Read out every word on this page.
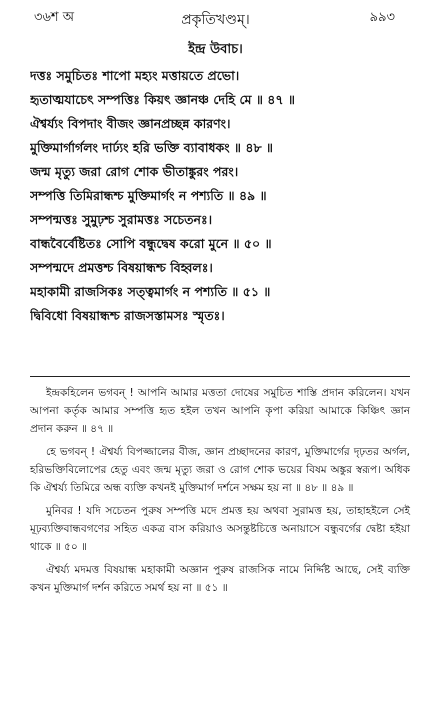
৩৬শ অ	প্রকৃতিখণ্ডম্।	৯৯৩
ইন্দ্র উবাচ।
দত্তঃ সমুচিতঃ শাপো মহ্যং মত্তায়তে প্রভো।
হৃতাত্মযাচেৎ সম্পত্তিঃ কিয়ৎ জ্ঞানঞ্চ দেহি মে ॥ ৪৭ ॥
ঐশ্বর্য্যং বিপদাং বীজং জ্ঞানপ্রচ্ছন্ন কারণং।
মুক্তিমার্গার্গলং দার্ঢ্যং হরি ভক্তি ব্যাবাধকং ॥ ৪৮ ॥
জন্ম মৃত্যু জরা রোগ শোক ভীতাঙ্কুরং পরং।
সম্পত্তি তিমিরান্ধশ্চ মুক্তিমার্গং ন পশ্যতি ॥ ৪৯ ॥
সম্পন্মত্তঃ সুমুঢ়শ্চ সুরামত্তঃ সচেতনঃ।
বান্ধবৈর্বেষ্টিতঃ সোপি বন্ধুদ্বেষ করো মুনে ॥ ৫০ ॥
সম্পন্মদে প্রমত্তশ্চ বিষয়ান্ধশ্চ বিহ্বলঃ।
মহাকামী রাজসিকঃ সত্ত্বমার্গং ন পশ্যতি ॥ ৫১ ॥
দ্বিবিধো বিষয়ান্ধশ্চ রাজসস্তামসঃ স্মৃতঃ।

ইন্দ্রকহিলেন ভগবন্ ! আপনি আমার মত্ততা দোষের সমুচিত শাস্তি প্রদান করিলেন। যখন আপনা কর্তৃক আমার সম্পত্তি হৃত হইল তখন আপনি কৃপা করিয়া আমাকে কিঞ্চিৎ জ্ঞান প্রদান করুন ॥ ৪৭ ॥

হে ভগবন্ ! ঐশ্বর্য্য বিপজ্জালের বীজ, জ্ঞান প্রচ্ছাদনের কারণ, মুক্তিমার্গের দৃঢ়তর অর্গল, হরিভক্তিবিলোপের হেতু এবং জন্ম মৃত্যু জরা ও রোগ শোক ভয়ের বিষম অঙ্কুর স্বরূপ। অধিক কি ঐশ্বর্য্য তিমিরে অন্ধ ব্যক্তি কখনই মুক্তিমার্গ দর্শনে সক্ষম হয় না ॥ ৪৮ ॥ ৪৯ ॥

মুনিবর ! যদি সচেতন পুরুষ সম্পত্তি মদে প্রমত্ত হয় অথবা সুরামত্ত হয়, তাহাহইলে সেই মূঢ়ব্যক্তিবান্ধবগণের সহিত একত্র বাস করিয়াও অসন্তুষ্টচিত্তে অনায়াসে বন্ধুবর্গের দ্বেষ্টা হইয়া থাকে ॥ ৫০ ॥

ঐশ্বর্য্য মদমত্ত বিষয়ান্ধ মহাকামী অজ্ঞান পুরুষ রাজসিক নামে নির্দ্দিষ্ট আছে, সেই ব্যক্তি কখন মুক্তিমার্গ দর্শন করিতে সমর্থ হয় না ॥ ৫১ ॥
